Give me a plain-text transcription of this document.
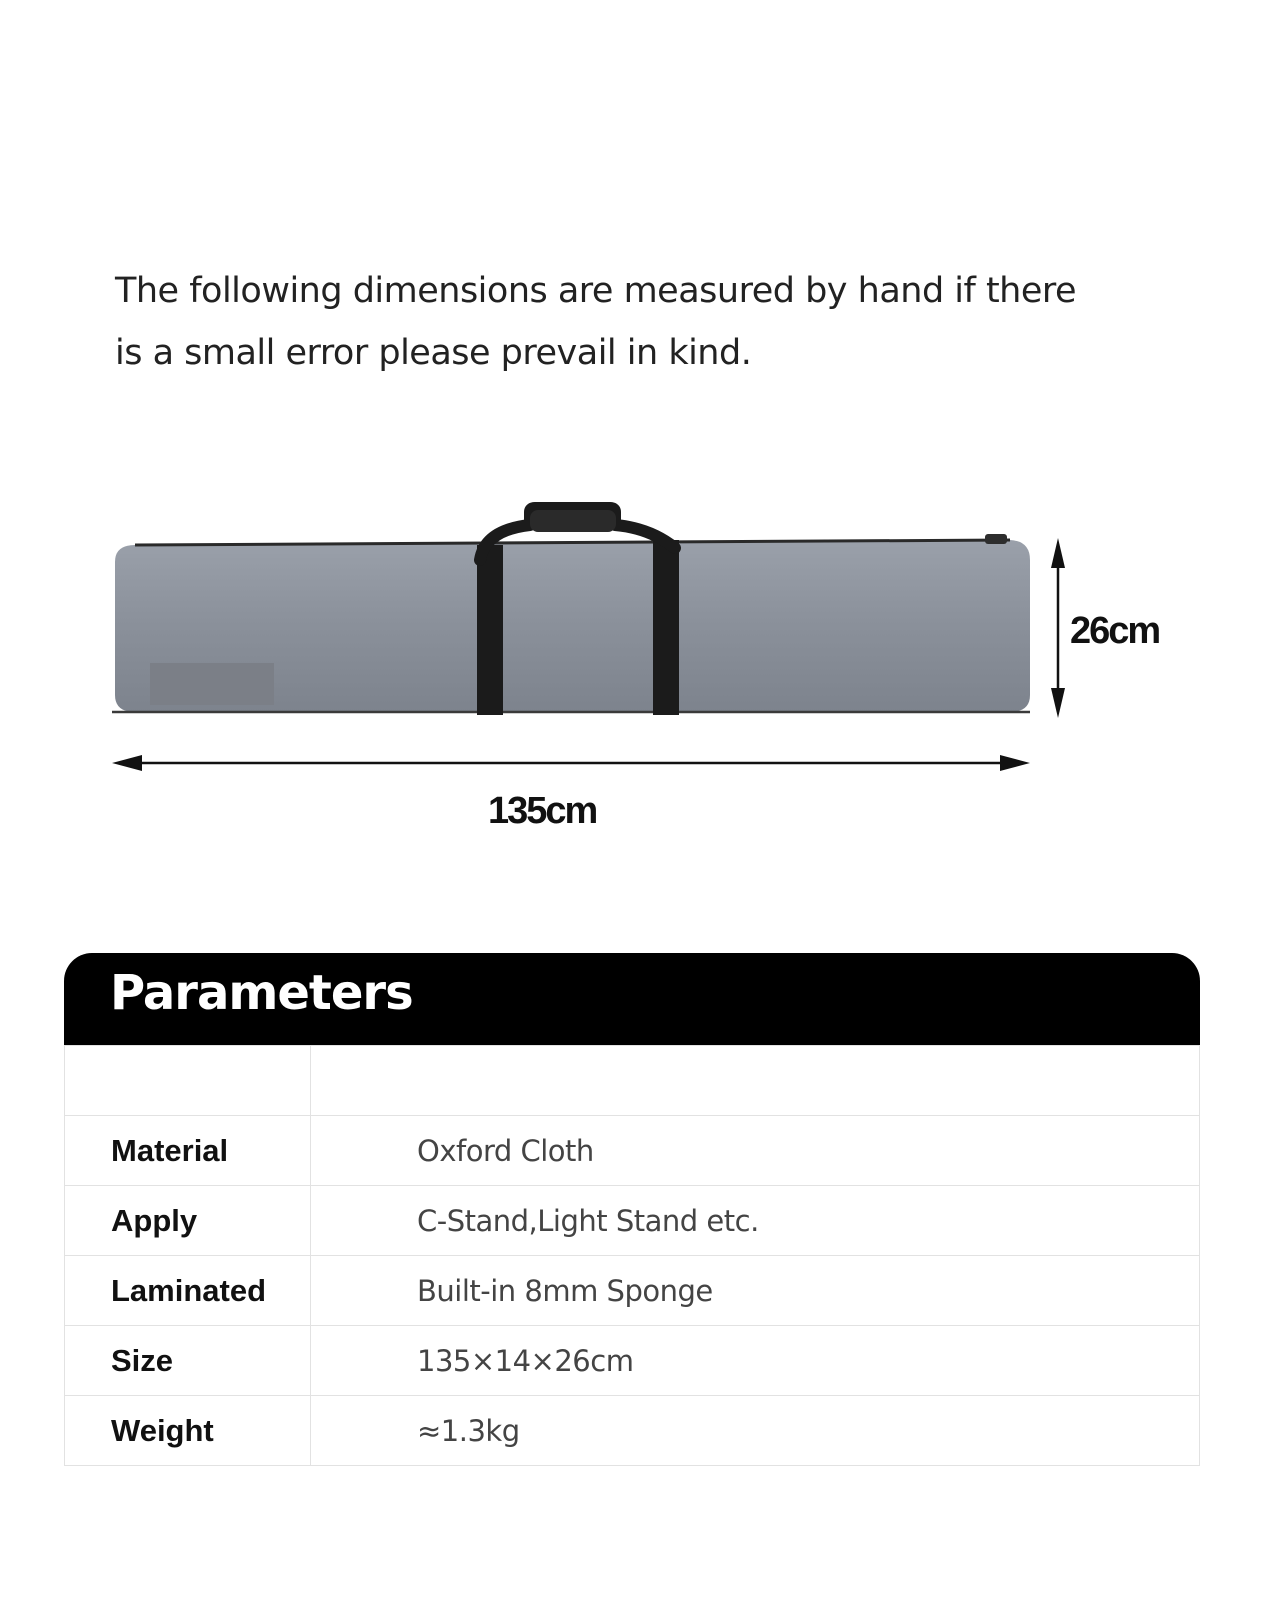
The following dimensions are measured by hand if there
is a small error please prevail in kind.
135cm
26cm
Parameters

Material	Oxford Cloth
Apply	C-Stand,Light Stand etc.
Laminated	Built-in 8mm Sponge
Size	135×14×26cm
Weight	≈1.3kg
